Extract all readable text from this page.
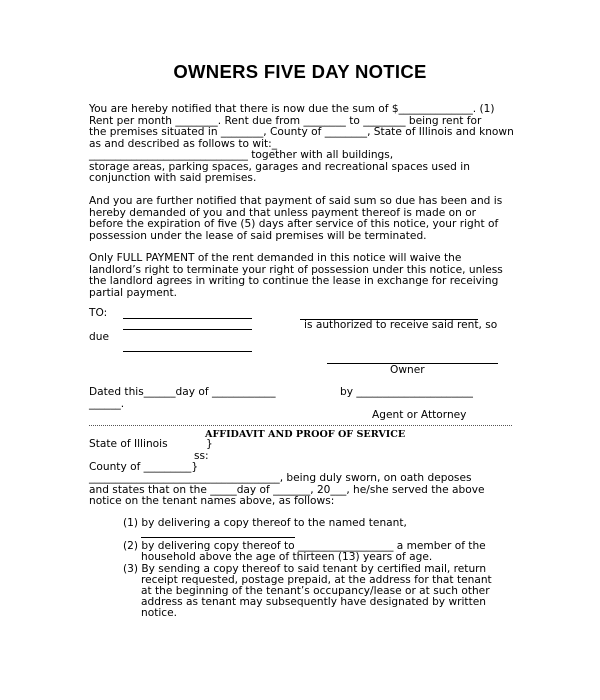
OWNERS FIVE DAY NOTICE

You are hereby notified that there is now due the sum of $______________. (1)

Rent per month ________. Rent due from ________ to ________ being rent for

the premises situated in ________, County of ________, State of Illinois and known

as and described as follows to wit:_

______________________________ together with all buildings,

storage areas, parking spaces, garages and recreational spaces used in

conjunction with said premises.

And you are further notified that payment of said sum so due has been and is

hereby demanded of you and that unless payment thereof is made on or

before the expiration of five (5) days after service of this notice, your right of

possession under the lease of said premises will be terminated.

Only FULL PAYMENT of the rent demanded in this notice will waive the

landlord’s right to terminate your right of possession under this notice, unless

the landlord agrees in writing to continue the lease in exchange for receiving

partial payment.

TO:
due
is authorized to receive said rent, so
Owner
Dated this______day of ____________
______.
by ______________________
Agent or Attorney
AFFIDAVIT AND PROOF OF SERVICE
State of Illinois	}
ss:
County of _________}

____________________________________, being duly sworn, on oath deposes

and states that on the _____day of _______, 20___, he/she served the above

notice on the tenant names above, as follows:

(1) by delivering a copy thereof to the named tenant,
(2) by delivering copy thereof to __________________ a member of the
household above the age of thirteen (13) years of age.
(3) By sending a copy thereof to said tenant by certified mail, return
receipt requested, postage prepaid, at the address for that tenant
at the beginning of the tenant’s occupancy/lease or at such other
address as tenant may subsequently have designated by written
notice.
